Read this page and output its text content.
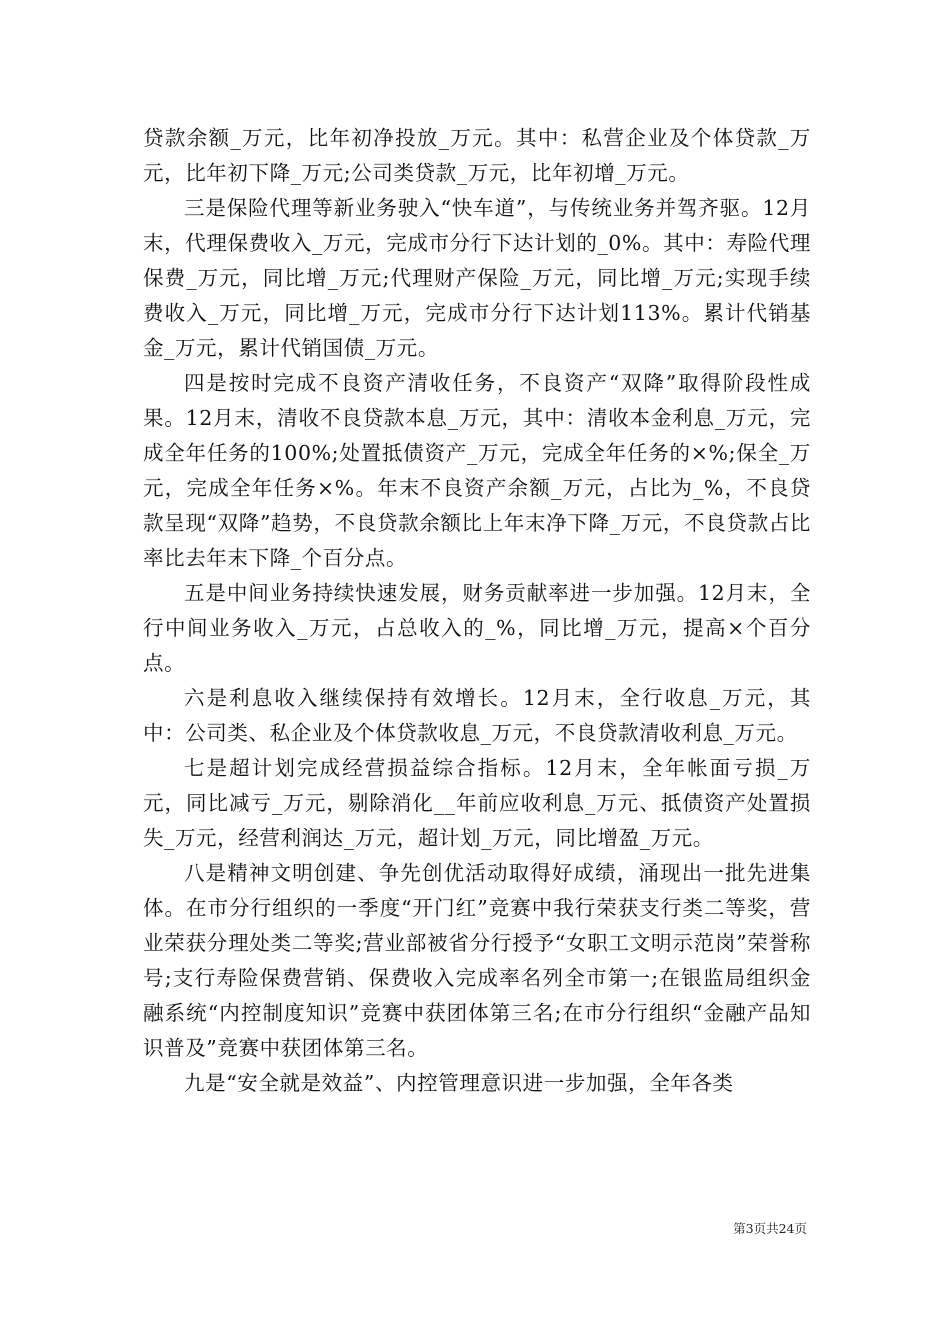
贷款余额_万元，比年初净投放_万元。其中：私营企业及个体贷款_万元，比年初下降_万元;公司类贷款_万元，比年初增_万元。

三是保险代理等新业务驶入“快车道”，与传统业务并驾齐驱。12月末，代理保费收入_万元，完成市分行下达计划的_0%。其中：寿险代理保费_万元，同比增_万元;代理财产保险_万元，同比增_万元;实现手续费收入_万元，同比增_万元，完成市分行下达计划113%。累计代销基金_万元，累计代销国债_万元。

四是按时完成不良资产清收任务，不良资产“双降”取得阶段性成果。12月末，清收不良贷款本息_万元，其中：清收本金利息_万元，完成全年任务的100%;处置抵债资产_万元，完成全年任务的×%;保全_万元，完成全年任务×%。年末不良资产余额_万元，占比为_%，不良贷款呈现“双降”趋势，不良贷款余额比上年末净下降_万元，不良贷款占比率比去年末下降_个百分点。

五是中间业务持续快速发展，财务贡献率进一步加强。12月末，全行中间业务收入_万元，占总收入的_%，同比增_万元，提高×个百分点。

六是利息收入继续保持有效增长。12月末，全行收息_万元，其中：公司类、私企业及个体贷款收息_万元，不良贷款清收利息_万元。

七是超计划完成经营损益综合指标。12月末，全年帐面亏损_万元，同比减亏_万元，剔除消化__年前应收利息_万元、抵债资产处置损失_万元，经营利润达_万元，超计划_万元，同比增盈_万元。

八是精神文明创建、争先创优活动取得好成绩，涌现出一批先进集体。在市分行组织的一季度“开门红”竞赛中我行荣获支行类二等奖，营业荣获分理处类二等奖;营业部被省分行授予“女职工文明示范岗”荣誉称号;支行寿险保费营销、保费收入完成率名列全市第一;在银监局组织金融系统“内控制度知识”竞赛中获团体第三名;在市分行组织“金融产品知识普及”竞赛中获团体第三名。

九是“安全就是效益”、内控管理意识进一步加强，全年各类

第3页共24页
